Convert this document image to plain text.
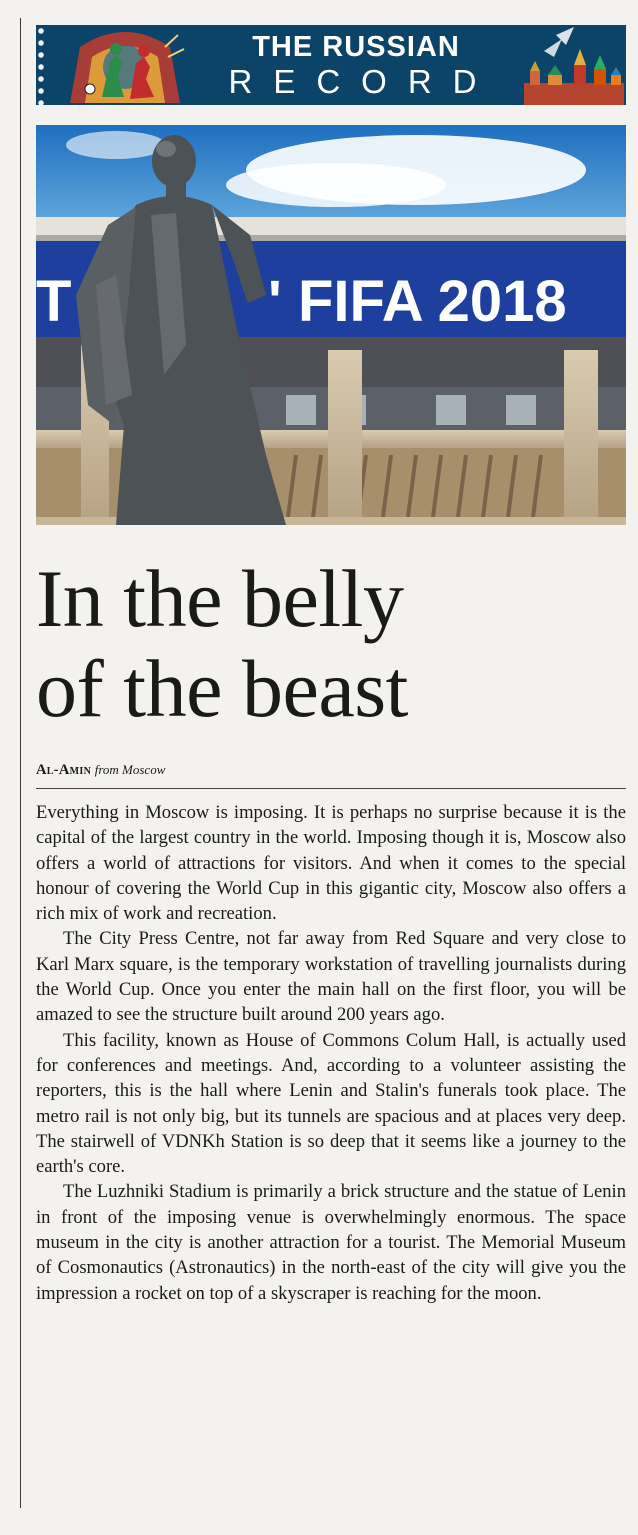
THE RUSSIAN
RECORD
T	' FIFA 2018
In the belly
of the beast
Al-Amin from Moscow

Everything in Moscow is imposing. It is perhaps no surprise because it is the capital of the largest country in the world. Imposing though it is, Moscow also offers a world of attractions for visitors. And when it comes to the special honour of covering the World Cup in this gigantic city, Moscow also offers a rich mix of work and recreation.

The City Press Centre, not far away from Red Square and very close to Karl Marx square, is the temporary workstation of travelling journalists during the World Cup. Once you enter the main hall on the first floor, you will be amazed to see the structure built around 200 years ago.

This facility, known as House of Commons Colum Hall, is actually used for conferences and meetings. And, according to a volunteer assisting the reporters, this is the hall where Lenin and Stalin's funerals took place. The metro rail is not only big, but its tunnels are spacious and at places very deep. The stairwell of VDNKh Station is so deep that it seems like a journey to the earth's core.

The Luzhniki Stadium is primarily a brick structure and the statue of Lenin in front of the imposing venue is overwhelmingly enormous. The space museum in the city is another attraction for a tourist. The Memorial Museum of Cosmonautics (Astronautics) in the north-east of the city will give you the impression a rocket on top of a skyscraper is reaching for the moon.
